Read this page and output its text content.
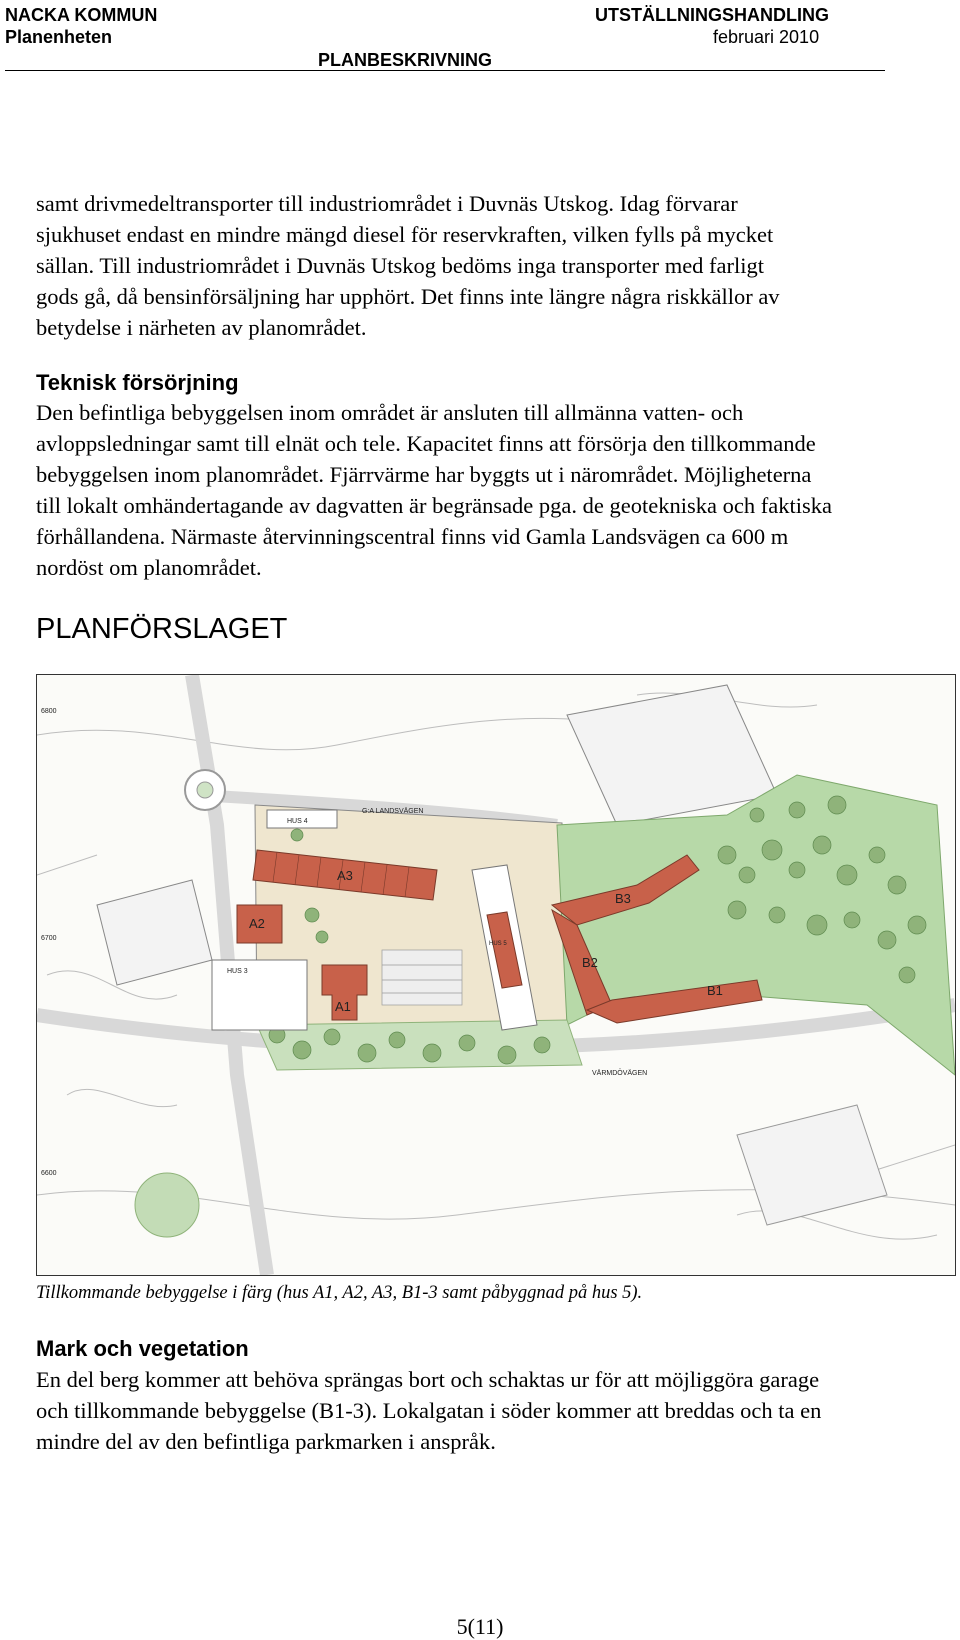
NACKA KOMMUN
Planenheten
UTSTÄLLNINGSHANDLING
februari 2010
PLANBESKRIVNING

samt drivmedeltransporter till industriområdet i Duvnäs Utskog. Idag förvarar

sjukhuset endast en mindre mängd diesel för reservkraften, vilken fylls på mycket

sällan. Till industriområdet i Duvnäs Utskog bedöms inga transporter med farligt

gods gå, då bensinförsäljning har upphört. Det finns inte längre några riskkällor av

betydelse i närheten av planområdet.

Teknisk försörjning

Den befintliga bebyggelsen inom området är ansluten till allmänna vatten- och

avloppsledningar samt till elnät och tele. Kapacitet finns att försörja den tillkommande

bebyggelsen inom planområdet. Fjärrvärme har byggts ut i närområdet. Möjligheterna

till lokalt omhändertagande av dagvatten är begränsade pga. de geotekniska och faktiska

förhållandena. Närmaste återvinningscentral finns vid Gamla Landsvägen ca 600 m

nordöst om planområdet.

PLANFÖRSLAGET
HUS 3
HUS 4
HUS 5
A3
A2
A1
B3
B2
B1
G:A LANDSVÄGEN
VÄRMDÖVÄGEN
6800
6700
6600
Tillkommande bebyggelse i färg (hus A1, A2, A3, B1-3 samt påbyggnad på hus 5).
Mark och vegetation

En del berg kommer att behöva sprängas bort och schaktas ur för att möjliggöra garage

och tillkommande bebyggelse (B1-3). Lokalgatan i söder kommer att breddas och ta en

mindre del av den befintliga parkmarken i anspråk.

5(11)
